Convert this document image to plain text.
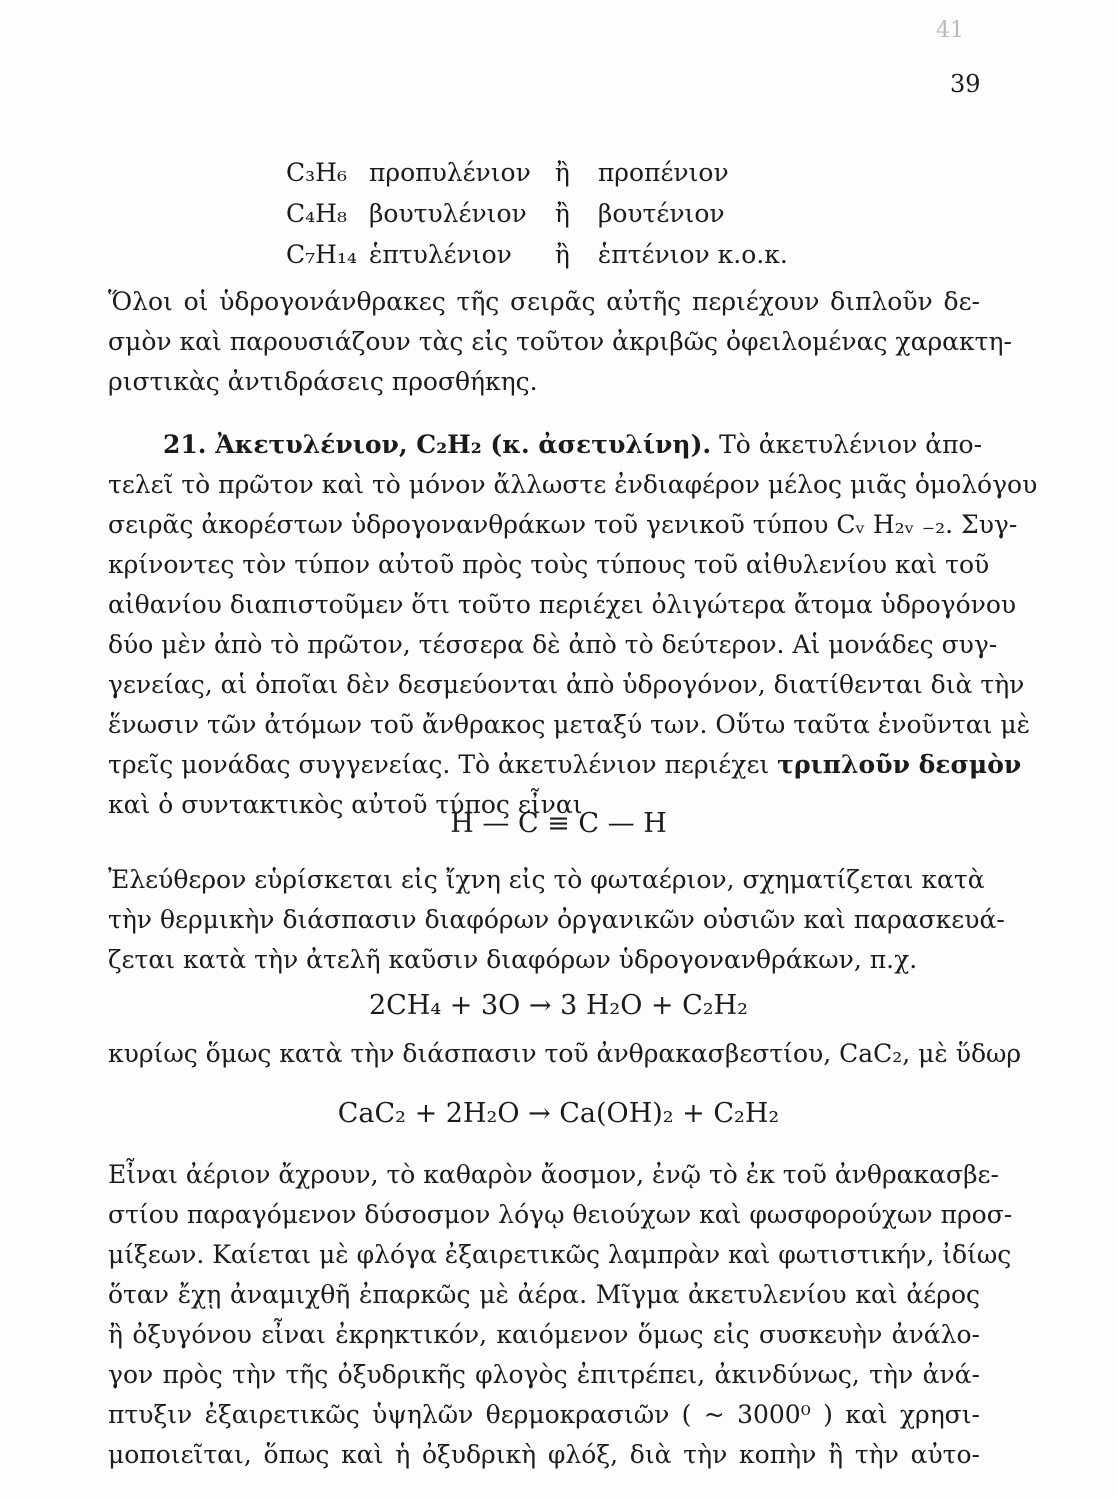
41
39
C₃H₆ προπυλένιον ἢ προπένιον
C₄H₈ βουτυλένιον ἢ βουτένιον
C₇H₁₄ ἑπτυλένιον ἢ ἑπτένιον κ.ο.κ.
Ὅλοι οἱ ὑδρογονάνθρακες τῆς σειρᾶς αὐτῆς περιέχουν διπλοῦν δε-
σμὸν καὶ παρουσιάζουν τὰς εἰς τοῦτον ἀκριβῶς ὀφειλομένας χαρακτη-
ριστικὰς ἀντιδράσεις προσθήκης.
21. Ἀκετυλένιον, C₂H₂ (κ. ἀσετυλίνη). Τὸ ἀκετυλένιον ἀπο-
τελεῖ τὸ πρῶτον καὶ τὸ μόνον ἄλλωστε ἐνδιαφέρον μέλος μιᾶς ὁμολόγου
σειρᾶς ἀκορέστων ὑδρογονανθράκων τοῦ γενικοῦ τύπου Cᵥ H₂ᵥ ₋₂. Συγ-
κρίνοντες τὸν τύπον αὐτοῦ πρὸς τοὺς τύπους τοῦ αἰθυλενίου καὶ τοῦ
αἰθανίου διαπιστοῦμεν ὅτι τοῦτο περιέχει ὀλιγώτερα ἄτομα ὑδρογόνου
δύο μὲν ἀπὸ τὸ πρῶτον, τέσσερα δὲ ἀπὸ τὸ δεύτερον. Αἱ μονάδες συγ-
γενείας, αἱ ὁποῖαι δὲν δεσμεύονται ἀπὸ ὑδρογόνον, διατίθενται διὰ τὴν
ἕνωσιν τῶν ἀτόμων τοῦ ἄνθρακος μεταξύ των. Οὕτω ταῦτα ἑνοῦνται μὲ
τρεῖς μονάδας συγγενείας. Τὸ ἀκετυλένιον περιέχει τριπλοῦν δεσμὸν
καὶ ὁ συντακτικὸς αὐτοῦ τύπος εἶναι
H — C ≡ C — H
Ἐλεύθερον εὑρίσκεται εἰς ἴχνη εἰς τὸ φωταέριον, σχηματίζεται κατὰ
τὴν θερμικὴν διάσπασιν διαφόρων ὀργανικῶν οὐσιῶν καὶ παρασκευά-
ζεται κατὰ τὴν ἀτελῆ καῦσιν διαφόρων ὑδρογονανθράκων, π.χ.
2CH₄ + 3O → 3 H₂O + C₂H₂
κυρίως ὅμως κατὰ τὴν διάσπασιν τοῦ ἀνθρακασβεστίου, CaC₂, μὲ ὕδωρ
CaC₂ + 2H₂O → Ca(OH)₂ + C₂H₂
Εἶναι ἀέριον ἄχρουν, τὸ καθαρὸν ἄοσμον, ἐνῷ τὸ ἐκ τοῦ ἀνθρακασβε-
στίου παραγόμενον δύσοσμον λόγῳ θειούχων καὶ φωσφορούχων προσ-
μίξεων. Καίεται μὲ φλόγα ἐξαιρετικῶς λαμπρὰν καὶ φωτιστικήν, ἰδίως
ὅταν ἔχῃ ἀναμιχθῆ ἐπαρκῶς μὲ ἀέρα. Μῖγμα ἀκετυλενίου καὶ ἀέρος
ἢ ὀξυγόνου εἶναι ἐκρηκτικόν, καιόμενον ὅμως εἰς συσκευὴν ἀνάλο-
γον πρὸς τὴν τῆς ὀξυδρικῆς φλογὸς ἐπιτρέπει, ἀκινδύνως, τὴν ἀνά-
πτυξιν ἐξαιρετικῶς ὑψηλῶν θερμοκρασιῶν ( ~ 3000⁰ ) καὶ χρησι-
μοποιεῖται, ὅπως καὶ ἡ ὀξυδρικὴ φλόξ, διὰ τὴν κοπὴν ἢ τὴν αὐτο-
